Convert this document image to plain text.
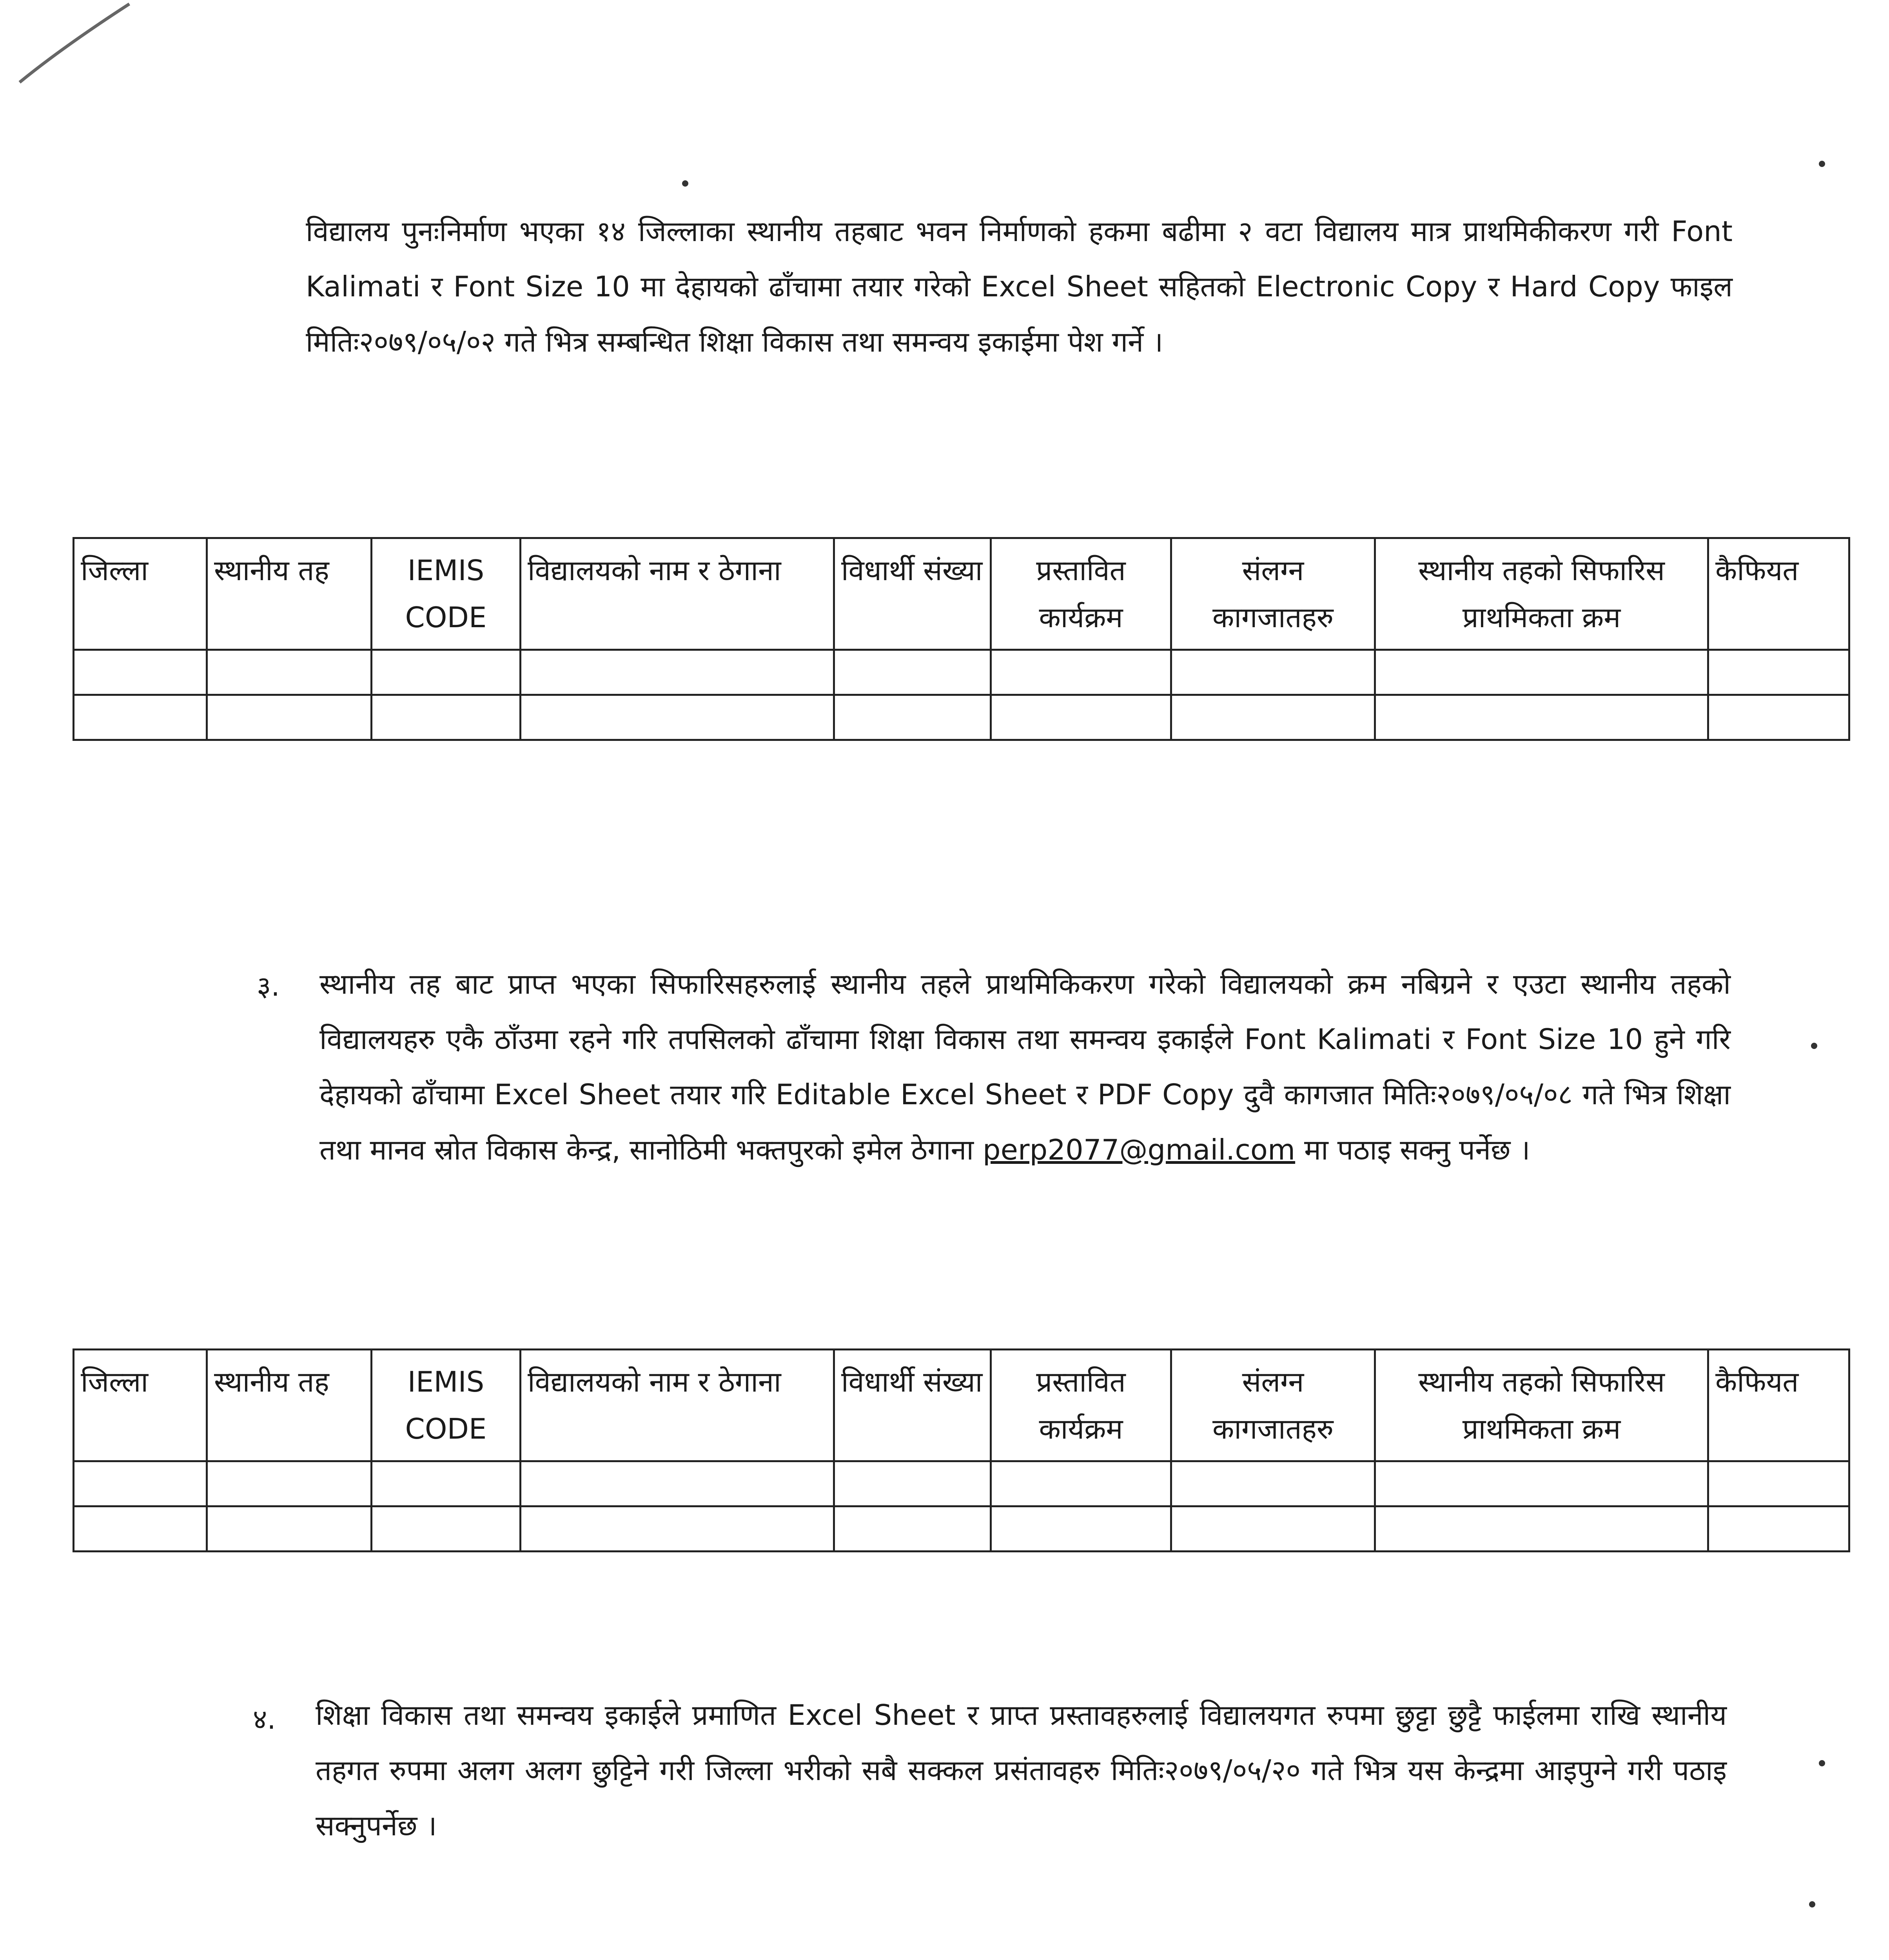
विद्यालय पुनःनिर्माण भएका १४ जिल्लाका स्थानीय तहबाट भवन निर्माणको हकमा बढीमा २ वटा विद्यालय मात्र प्राथमिकीकरण गरी Font Kalimati र Font Size 10 मा देहायको ढाँचामा तयार गरेको Excel Sheet सहितको Electronic Copy र Hard Copy फाइल मितिः२०७९/०५/०२ गते भित्र सम्बन्धित शिक्षा विकास तथा समन्वय इकाईमा पेश गर्ने ।

जिल्ला	स्थानीय तह	IEMIS CODE	विद्यालयको नाम र ठेगाना	विधार्थी संख्या	प्रस्तावित कार्यक्रम	संलग्न कागजातहरु	स्थानीय तहको सिफारिस प्राथमिकता क्रम	कैफियत

३. स्थानीय तह बाट प्राप्त भएका सिफारिसहरुलाई स्थानीय तहले प्राथमिकिकरण गरेको विद्यालयको क्रम नबिग्रने र एउटा स्थानीय तहको विद्यालयहरु एकै ठाँउमा रहने गरि तपसिलको ढाँचामा शिक्षा विकास तथा समन्वय इकाईले Font Kalimati र Font Size 10 हुने गरि देहायको ढाँचामा Excel Sheet तयार गरि Editable Excel Sheet र PDF Copy दुवै कागजात मितिः२०७९/०५/०८ गते भित्र शिक्षा तथा मानव स्रोत विकास केन्द्र, सानोठिमी भक्तपुरको इमेल ठेगाना perp2077@gmail.com मा पठाइ सक्नु पर्नेछ ।

जिल्ला	स्थानीय तह	IEMIS CODE	विद्यालयको नाम र ठेगाना	विधार्थी संख्या	प्रस्तावित कार्यक्रम	संलग्न कागजातहरु	स्थानीय तहको सिफारिस प्राथमिकता क्रम	कैफियत

४. शिक्षा विकास तथा समन्वय इकाईले प्रमाणित Excel Sheet र प्राप्त प्रस्तावहरुलाई विद्यालयगत रुपमा छुट्टा छुट्टै फाईलमा राखि स्थानीय तहगत रुपमा अलग अलग छुट्टिने गरी जिल्ला भरीको सबै सक्कल प्रसंतावहरु मितिः२०७९/०५/२० गते भित्र यस केन्द्रमा आइपुग्ने गरी पठाइ सक्नुपर्नेछ ।
